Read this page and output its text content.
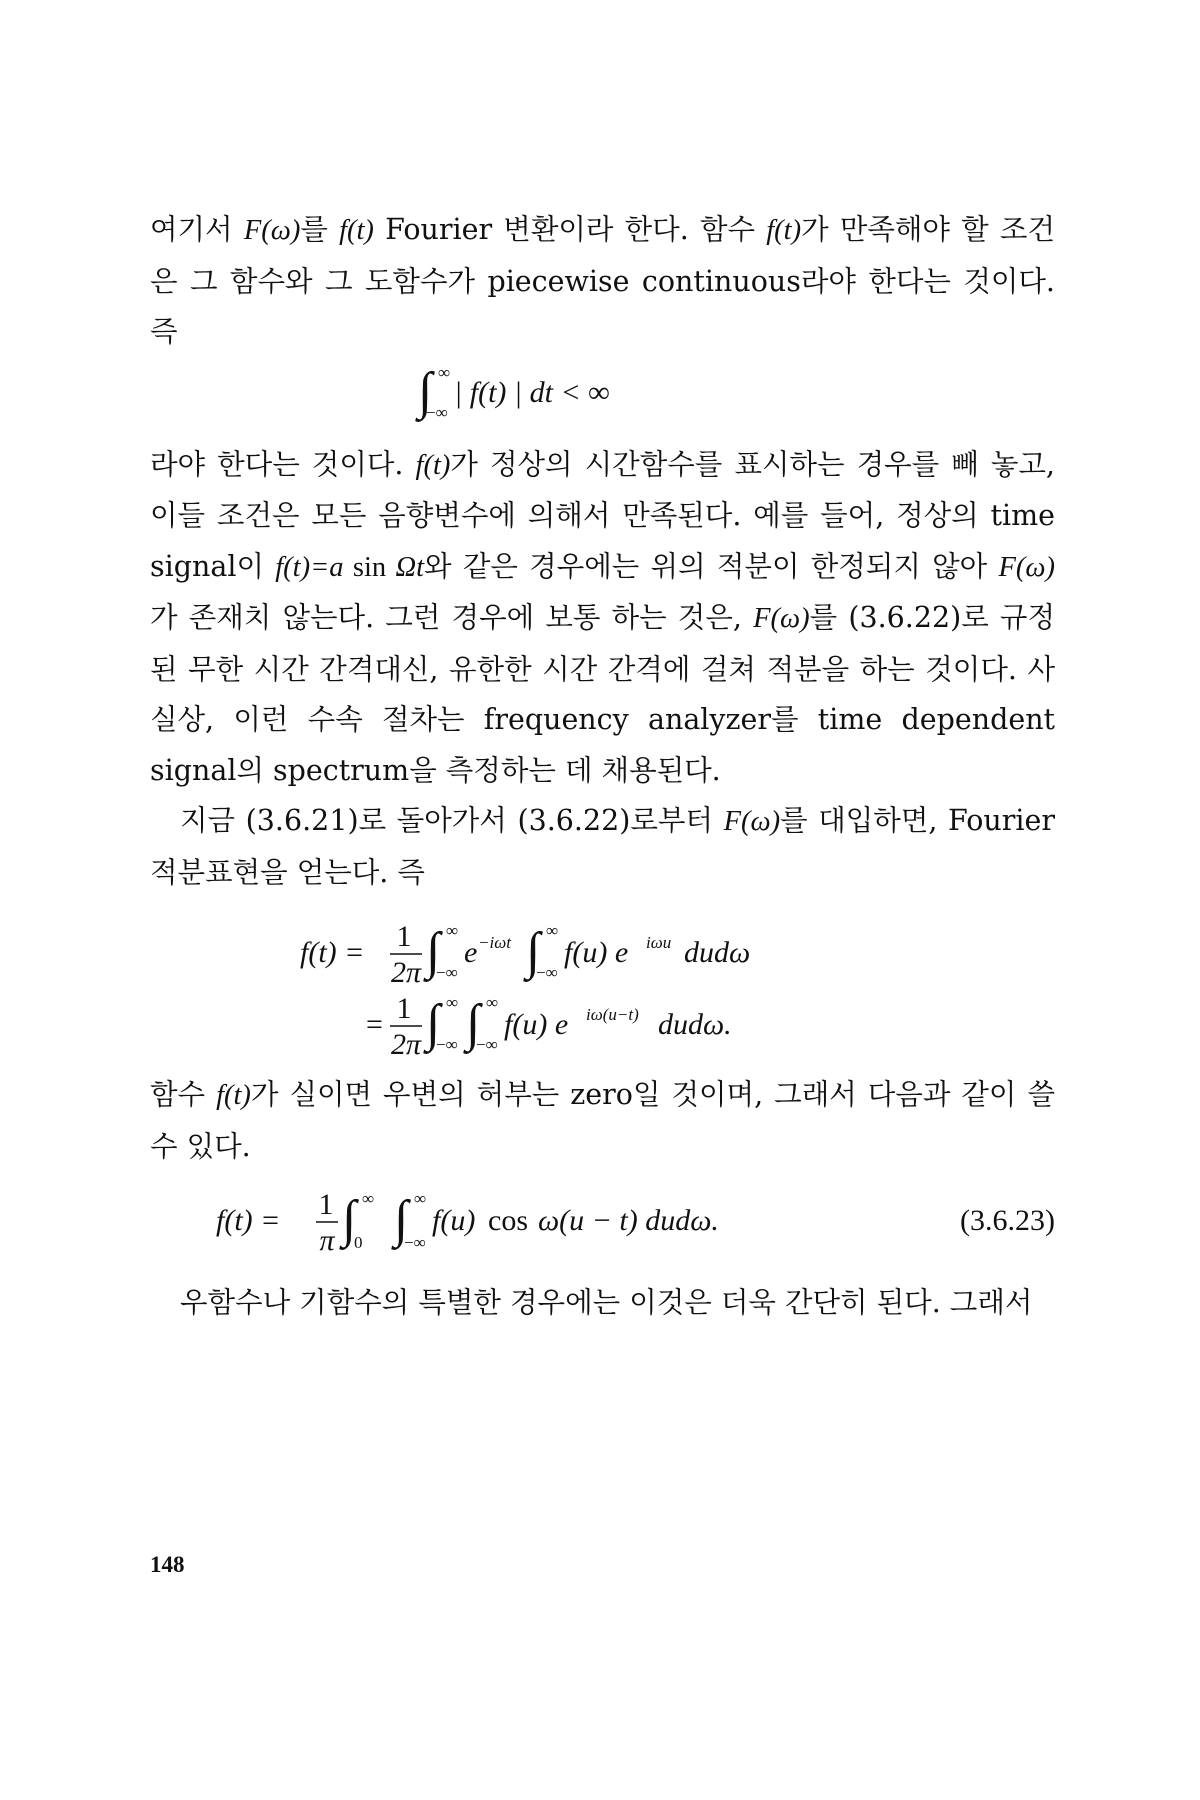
여기서 F(ω)를 f(t) Fourier 변환이라 한다. 함수 f(t)가 만족해야 할 조건은 그 함수와 그 도함수가 piecewise continuous라야 한다는 것이다. 즉

∫ ∞
−∞
| f(t) | dt < ∞

라야 한다는 것이다. f(t)가 정상의 시간함수를 표시하는 경우를 빼 놓고, 이들 조건은 모든 음향변수에 의해서 만족된다. 예를 들어, 정상의 time signal이 f(t)=a sin Ωt와 같은 경우에는 위의 적분이 한정되지 않아 F(ω)가 존재치 않는다. 그런 경우에 보통 하는 것은, F(ω)를 (3.6.22)로 규정된 무한 시간 간격대신, 유한한 시간 간격에 걸쳐 적분을 하는 것이다. 사실상, 이런 수속 절차는 frequency analyzer를 time dependent signal의 spectrum을 측정하는 데 채용된다.

지금 (3.6.21)로 돌아가서 (3.6.22)로부터 F(ω)를 대입하면, Fourier 적분표현을 얻는다. 즉

f(t) = 1
2π ∫ ∞
−∞
e −iωt ∫ ∞
−∞
f(u) e iωu dudω
= 1
2π ∫ ∞
−∞ ∫ ∞
−∞
f(u) e iω(u−t) dudω.

함수 f(t)가 실이면 우변의 허부는 zero일 것이며, 그래서 다음과 같이 쓸 수 있다.

f(t) = 1
π ∫ ∞
0 ∫ ∞
−∞
f(u) cos ω(u − t) dudω.	(3.6.23)

우함수나 기함수의 특별한 경우에는 이것은 더욱 간단히 된다. 그래서

148
